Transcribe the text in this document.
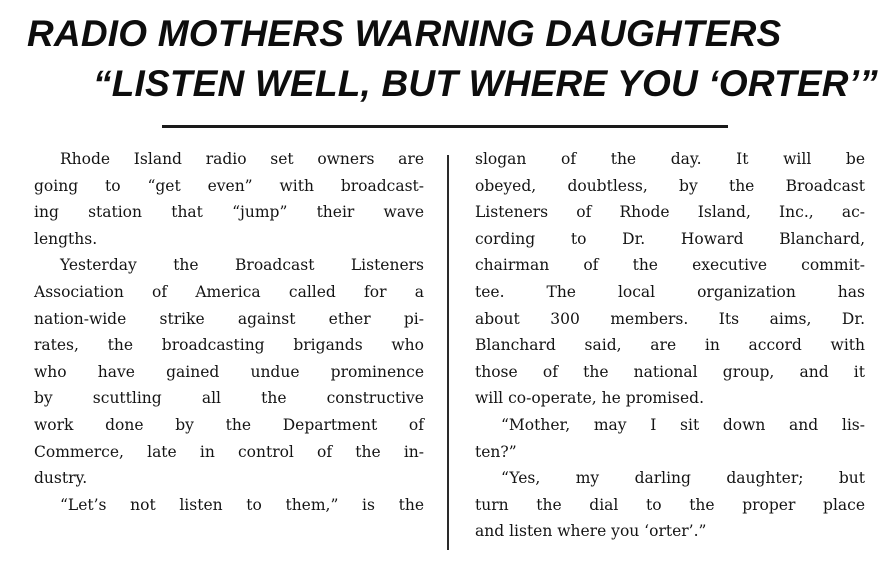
RADIO MOTHERS WARNING DAUGHTERS
“LISTEN WELL, BUT WHERE YOU ‘ORTER’”
Rhode Island radio set owners are
going to “get even” with broadcast-
ing station that “jump” their wave
lengths.
Yesterday the Broadcast Listeners
Association of America called for a
nation-wide strike against ether pi-
rates, the broadcasting brigands who
who have gained undue prominence
by scuttling all the constructive
work done by the Department of
Commerce, late in control of the in-
dustry.
“Let’s not listen to them,” is the
slogan of the day. It will be
obeyed, doubtless, by the Broadcast
Listeners of Rhode Island, Inc., ac-
cording to Dr. Howard Blanchard,
chairman of the executive commit-
tee. The local organization has
about 300 members. Its aims, Dr.
Blanchard said, are in accord with
those of the national group, and it
will co-operate, he promised.
“Mother, may I sit down and lis-
ten?”
“Yes, my darling daughter; but
turn the dial to the proper place
and listen where you ‘orter’.”
